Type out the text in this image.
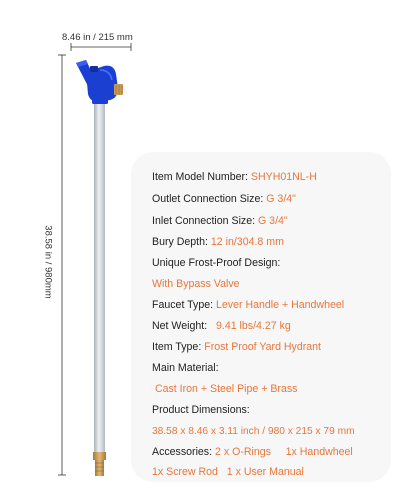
8.46 in / 215 mm
38.58 in / 980mm
Item Model Number: SHYH01NL-H
Outlet Connection Size: G 3/4"
Inlet Connection Size: G 3/4"
Bury Depth: 12 in/304.8 mm
Unique Frost-Proof Design:
With Bypass Valve
Faucet Type: Lever Handle + Handwheel
Net Weight:   9.41 lbs/4.27 kg
Item Type: Frost Proof Yard Hydrant
Main Material:
Cast Iron + Steel Pipe + Brass
Product Dimensions:
38.58 x 8.46 x 3.11 inch / 980 x 215 x 79 mm
Accessories: 2 x O-Rings     1x Handwheel
1x Screw Rod   1 x User Manual
